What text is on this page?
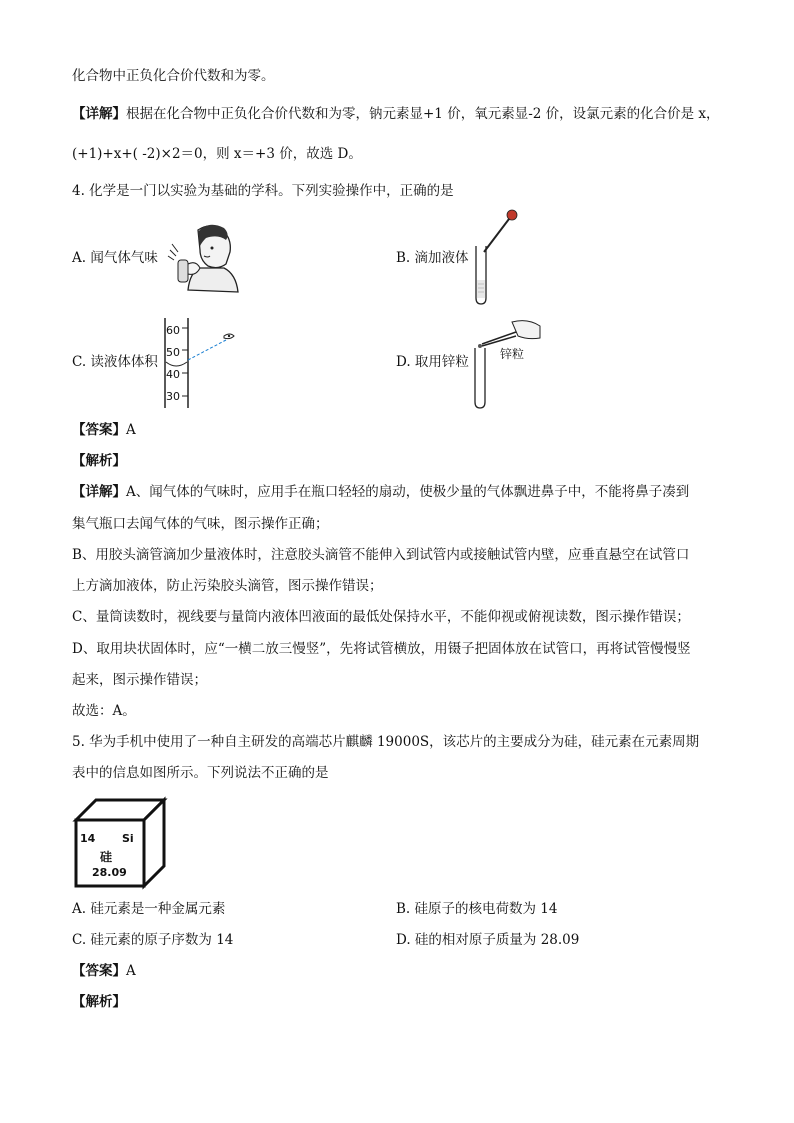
化合物中正负化合价代数和为零。
【详解】根据在化合物中正负化合价代数和为零，钠元素显+1 价，氧元素显-2 价，设氯元素的化合价是 x，
(+1)+x+( -2)×2＝0，则 x＝+3 价，故选 D。
4. 化学是一门以实验为基础的学科。下列实验操作中，正确的是
A. 闻气体气味	B. 滴加液体
C. 读液体体积
60
50
40
30
D. 取用锌粒	锌粒
【答案】A
【解析】
【详解】A、闻气体的气味时，应用手在瓶口轻轻的扇动，使极少量的气体飘进鼻子中，不能将鼻子凑到
集气瓶口去闻气体的气味，图示操作正确；
B、用胶头滴管滴加少量液体时，注意胶头滴管不能伸入到试管内或接触试管内壁，应垂直悬空在试管口
上方滴加液体，防止污染胶头滴管，图示操作错误；
C、量筒读数时，视线要与量筒内液体凹液面的最低处保持水平，不能仰视或俯视读数，图示操作错误；
D、取用块状固体时，应“一横二放三慢竖”，先将试管横放，用镊子把固体放在试管口，再将试管慢慢竖
起来，图示操作错误；
故选：A。
5. 华为手机中使用了一种自主研发的高端芯片麒麟 19000S，该芯片的主要成分为硅，硅元素在元素周期
表中的信息如图所示。下列说法不正确的是
14 Si
硅
28.09
A. 硅元素是一种金属元素	B. 硅原子的核电荷数为 14
C. 硅元素的原子序数为 14	D. 硅的相对原子质量为 28.09
【答案】A
【解析】
